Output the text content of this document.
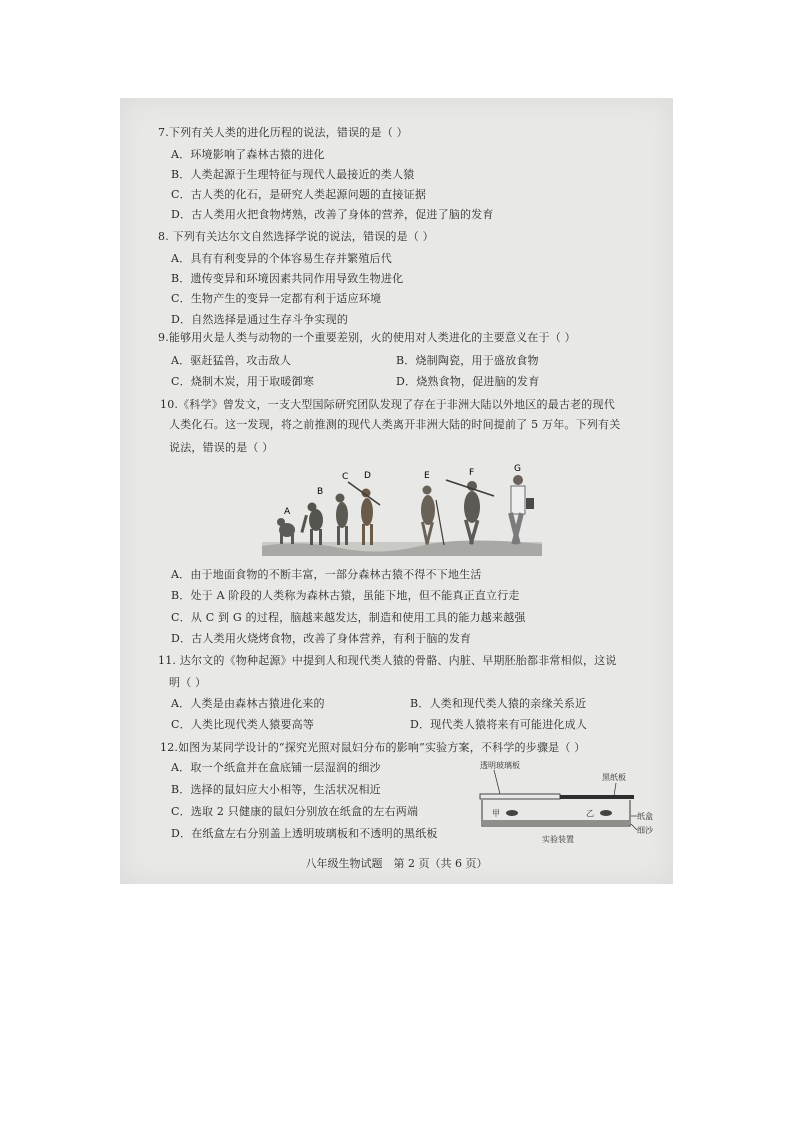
7.下列有关人类的进化历程的说法，错误的是（ ）
A．环境影响了森林古猿的进化
B．人类起源于生理特征与现代人最接近的类人猿
C．古人类的化石，是研究人类起源问题的直接证据
D．古人类用火把食物烤熟，改善了身体的营养，促进了脑的发育
8. 下列有关达尔文自然选择学说的说法，错误的是（ ）
A．具有有利变异的个体容易生存并繁殖后代
B．遗传变异和环境因素共同作用导致生物进化
C．生物产生的变异一定都有利于适应环境
D．自然选择是通过生存斗争实现的
9.能够用火是人类与动物的一个重要差别，火的使用对人类进化的主要意义在于（ ）
A．驱赶猛兽，攻击敌人	B．烧制陶瓷，用于盛放食物
C．烧制木炭，用于取暖御寒	D．烧熟食物，促进脑的发育
10.《科学》曾发文，一支大型国际研究团队发现了存在于非洲大陆以外地区的最古老的现代
人类化石。这一发现，将之前推测的现代人类离开非洲大陆的时间提前了 5 万年。下列有关
说法，错误的是（ ）
A
B
C D	E	F	G
A．由于地面食物的不断丰富，一部分森林古猿不得不下地生活
B．处于 A 阶段的人类称为森林古猿，虽能下地，但不能真正直立行走
C．从 C 到 G 的过程，脑越来越发达，制造和使用工具的能力越来越强
D．古人类用火烧烤食物，改善了身体营养，有利于脑的发育
11. 达尔文的《物种起源》中提到人和现代类人猿的骨骼、内脏、早期胚胎都非常相似，这说
明（ ）
A．人类是由森林古猿进化来的	B．人类和现代类人猿的亲缘关系近
C．人类比现代类人猿要高等	D．现代类人猿将来有可能进化成人
12.如图为某同学设计的“探究光照对鼠妇分布的影响”实验方案，不科学的步骤是（ ）
A．取一个纸盒并在盒底铺一层湿润的细沙
B．选择的鼠妇应大小相等，生活状况相近
C．选取 2 只健康的鼠妇分别放在纸盒的左右两端
D．在纸盒左右分别盖上透明玻璃板和不透明的黑纸板
透明玻璃板
黑纸板
甲	乙	纸盒
细沙
实验装置
八年级生物试题　第 2 页（共 6 页）
